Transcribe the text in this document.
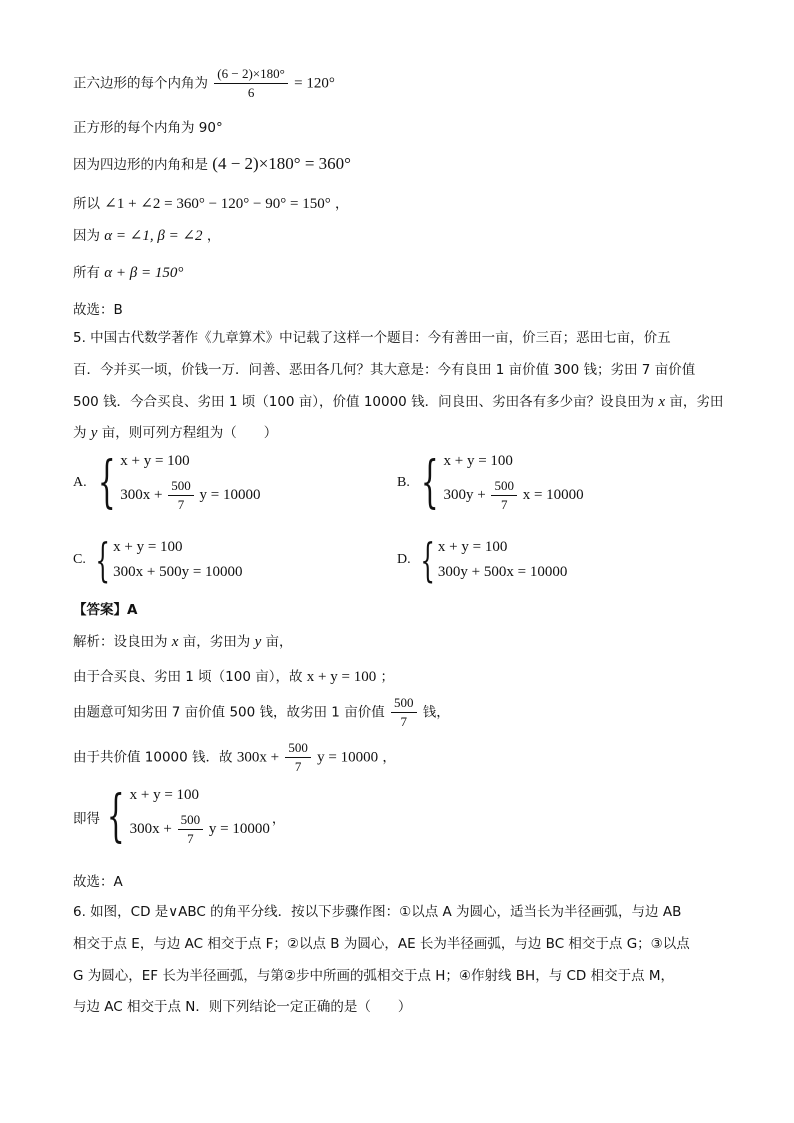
正六边形的每个内角为 $\frac{(6 - 2)\times 180^\circ}{6} = 120^\circ$
正方形的每个内角为 90°
因为四边形的内角和是 (4 − 2)×180° = 360°
所以 ∠1 + ∠2 = 360° − 120° − 90° = 150° ，
因为 α = ∠1, β = ∠2 ，
所有 α + β = 150°
故选：B
5. 中国古代数学著作《九章算术》中记载了这样一个题目：今有善田一亩，价三百；恶田七亩，价五
百．今并买一顷，价钱一万．问善、恶田各几何？其大意是：今有良田 1 亩价值 300 钱；劣田 7 亩价值
500 钱．今合买良、劣田 1 顷（100 亩），价值 10000 钱．问良田、劣田各有多少亩？设良田为 x 亩，劣田
为 y 亩，则可列方程组为（　　）
A. { x + y = 100
$300x + \frac{500}{7}$ y = 10000
B. { x + y = 100
$300y + \frac{500}{7}$ x = 10000
C. { x + y = 100
300x + 500y = 10000
D. { x + y = 100
300y + 500x = 10000
【答案】A
解析：设良田为 x 亩，劣田为 y 亩，
由于合买良、劣田 1 顷（100 亩），故 x + y = 100 ；
由题意可知劣田 7 亩价值 500 钱，故劣田 1 亩价值 $\frac{500}{7}$ 钱，
由于共价值 10000 钱．故 $300x + \frac{500}{7}$ y = 10000 ，
即得 { x + y = 100
$300x + \frac{500}{7}$ y = 10000
，
故选：A
6. 如图，CD 是∨ABC 的角平分线．按以下步骤作图：①以点 A 为圆心，适当长为半径画弧，与边 AB
相交于点 E，与边 AC 相交于点 F；②以点 B 为圆心，AE 长为半径画弧，与边 BC 相交于点 G；③以点
G 为圆心，EF 长为半径画弧，与第②步中所画的弧相交于点 H；④作射线 BH，与 CD 相交于点 M，
与边 AC 相交于点 N．则下列结论一定正确的是（　　）
